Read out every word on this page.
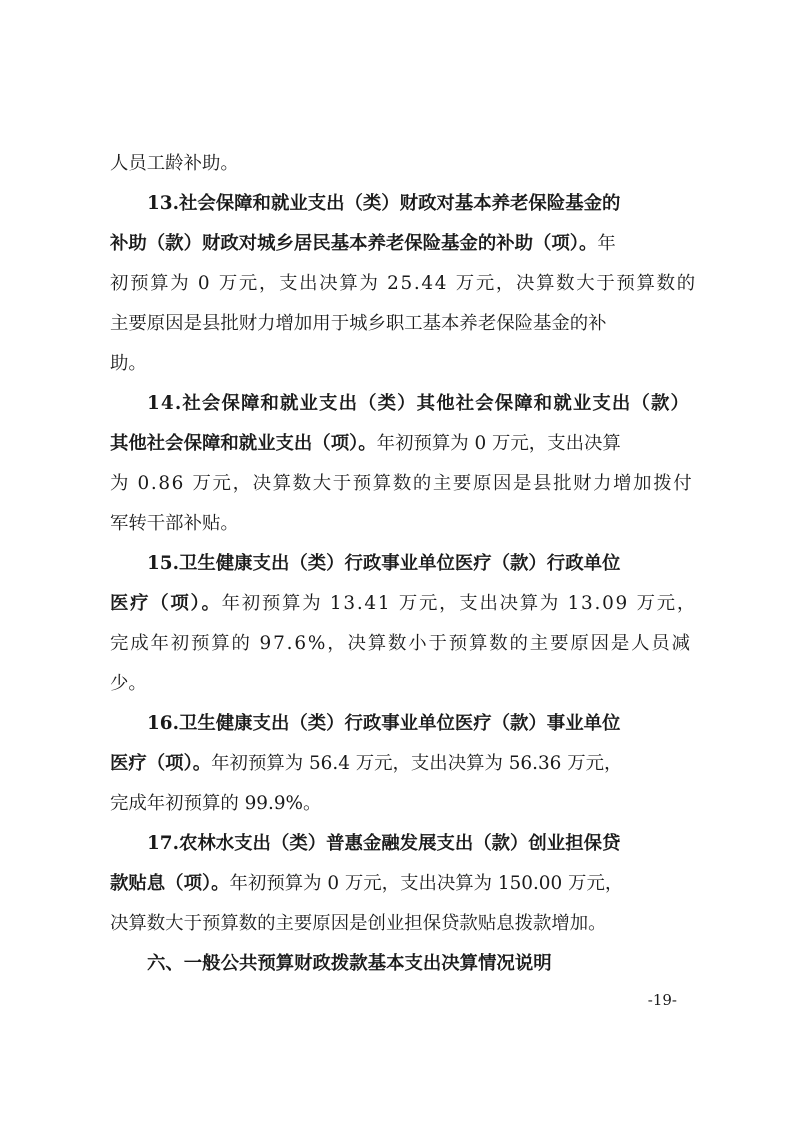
人员工龄补助。
13.社会保障和就业支出（类）财政对基本养老保险基金的
补助（款）财政对城乡居民基本养老保险基金的补助（项）。年
初预算为 0 万元，支出决算为 25.44 万元，决算数大于预算数的
主要原因是县批财力增加用于城乡职工基本养老保险基金的补
助。
14.社会保障和就业支出（类）其他社会保障和就业支出（款）
其他社会保障和就业支出（项）。年初预算为 0 万元，支出决算
为 0.86 万元，决算数大于预算数的主要原因是县批财力增加拨付
军转干部补贴。
15.卫生健康支出（类）行政事业单位医疗（款）行政单位
医疗（项）。年初预算为 13.41 万元，支出决算为 13.09 万元，
完成年初预算的 97.6%，决算数小于预算数的主要原因是人员减
少。
16.卫生健康支出（类）行政事业单位医疗（款）事业单位
医疗（项）。年初预算为 56.4 万元，支出决算为 56.36 万元，
完成年初预算的 99.9%。
17.农林水支出（类）普惠金融发展支出（款）创业担保贷
款贴息（项）。年初预算为 0 万元，支出决算为 150.00 万元，
决算数大于预算数的主要原因是创业担保贷款贴息拨款增加。
六、一般公共预算财政拨款基本支出决算情况说明
-19-
